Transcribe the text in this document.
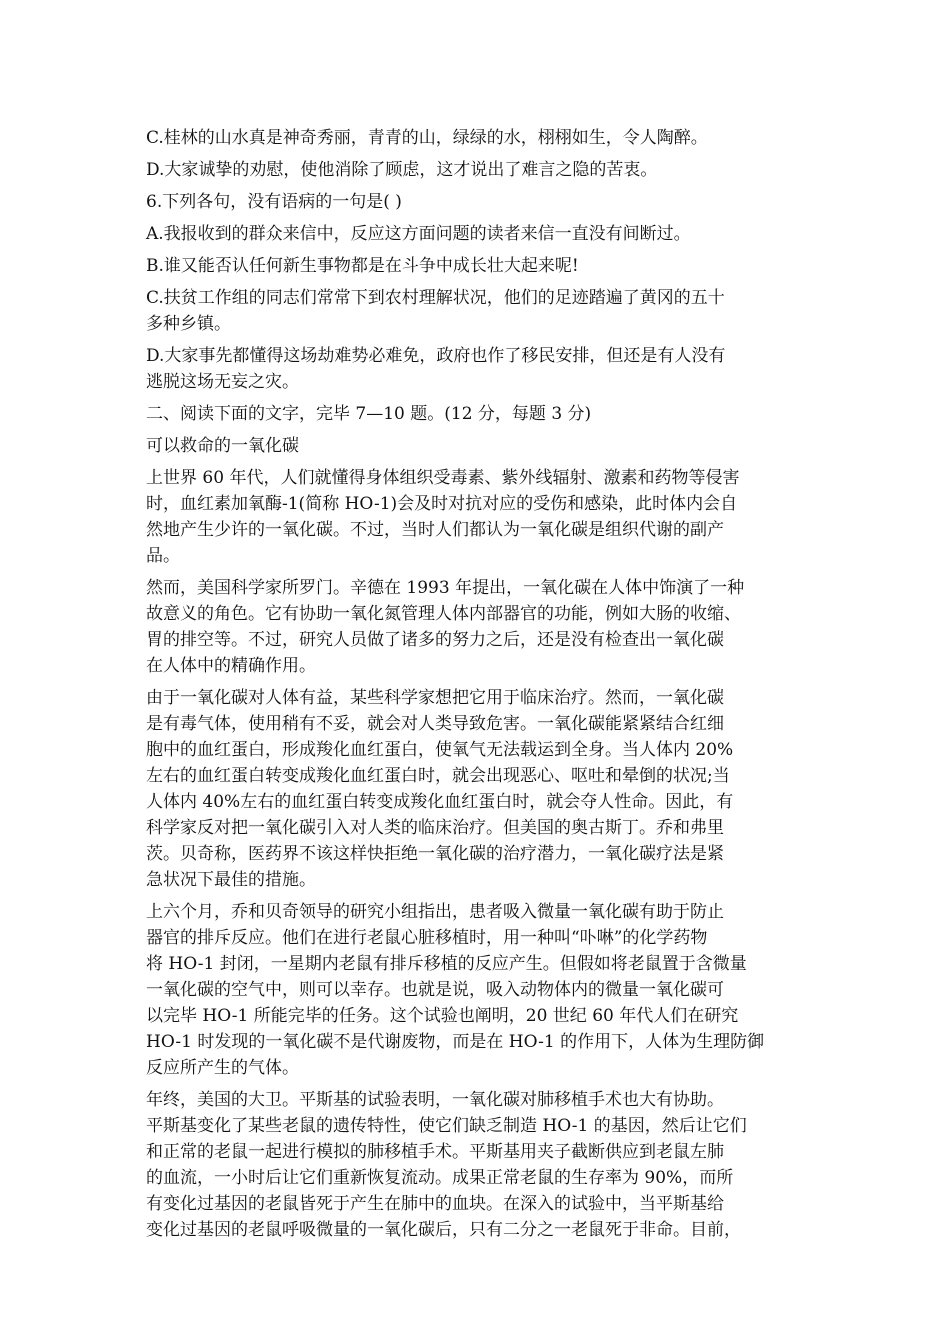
C.桂林的山水真是神奇秀丽，青青的山，绿绿的水，栩栩如生，令人陶醉。
D.大家诚挚的劝慰，使他消除了顾虑，这才说出了难言之隐的苦衷。
6.下列各句，没有语病的一句是( )
A.我报收到的群众来信中，反应这方面问题的读者来信一直没有间断过。
B.谁又能否认任何新生事物都是在斗争中成长壮大起来呢!
C.扶贫工作组的同志们常常下到农村理解状况，他们的足迹踏遍了黄冈的五十
多种乡镇。
D.大家事先都懂得这场劫难势必难免，政府也作了移民安排，但还是有人没有
逃脱这场无妄之灾。
二、阅读下面的文字，完毕 7—10 题。(12 分，每题 3 分)
可以救命的一氧化碳
上世界 60 年代，人们就懂得身体组织受毒素、紫外线辐射、激素和药物等侵害
时，血红素加氧酶-1(简称 HO-1)会及时对抗对应的受伤和感染，此时体内会自
然地产生少许的一氧化碳。不过，当时人们都认为一氧化碳是组织代谢的副产
品。
然而，美国科学家所罗门。辛德在 1993 年提出，一氧化碳在人体中饰演了一种
故意义的角色。它有协助一氧化氮管理人体内部器官的功能，例如大肠的收缩、
胃的排空等。不过，研究人员做了诸多的努力之后，还是没有检查出一氧化碳
在人体中的精确作用。
由于一氧化碳对人体有益，某些科学家想把它用于临床治疗。然而，一氧化碳
是有毒气体，使用稍有不妥，就会对人类导致危害。一氧化碳能紧紧结合红细
胞中的血红蛋白，形成羧化血红蛋白，使氧气无法载运到全身。当人体内 20%
左右的血红蛋白转变成羧化血红蛋白时，就会出现恶心、呕吐和晕倒的状况;当
人体内 40%左右的血红蛋白转变成羧化血红蛋白时，就会夺人性命。因此，有
科学家反对把一氧化碳引入对人类的临床治疗。但美国的奥古斯丁。乔和弗里
茨。贝奇称，医药界不该这样快拒绝一氧化碳的治疗潜力，一氧化碳疗法是紧
急状况下最佳的措施。
上六个月，乔和贝奇领导的研究小组指出，患者吸入微量一氧化碳有助于防止
器官的排斥反应。他们在进行老鼠心脏移植时，用一种叫“卟啉”的化学药物
将 HO-1 封闭，一星期内老鼠有排斥移植的反应产生。但假如将老鼠置于含微量
一氧化碳的空气中，则可以幸存。也就是说，吸入动物体内的微量一氧化碳可
以完毕 HO-1 所能完毕的任务。这个试验也阐明，20 世纪 60 年代人们在研究
HO-1 时发现的一氧化碳不是代谢废物，而是在 HO-1 的作用下，人体为生理防御
反应所产生的气体。
年终，美国的大卫。平斯基的试验表明，一氧化碳对肺移植手术也大有协助。
平斯基变化了某些老鼠的遗传特性，使它们缺乏制造 HO-1 的基因，然后让它们
和正常的老鼠一起进行模拟的肺移植手术。平斯基用夹子截断供应到老鼠左肺
的血流，一小时后让它们重新恢复流动。成果正常老鼠的生存率为 90%，而所
有变化过基因的老鼠皆死于产生在肺中的血块。在深入的试验中，当平斯基给
变化过基因的老鼠呼吸微量的一氧化碳后，只有二分之一老鼠死于非命。目前，
